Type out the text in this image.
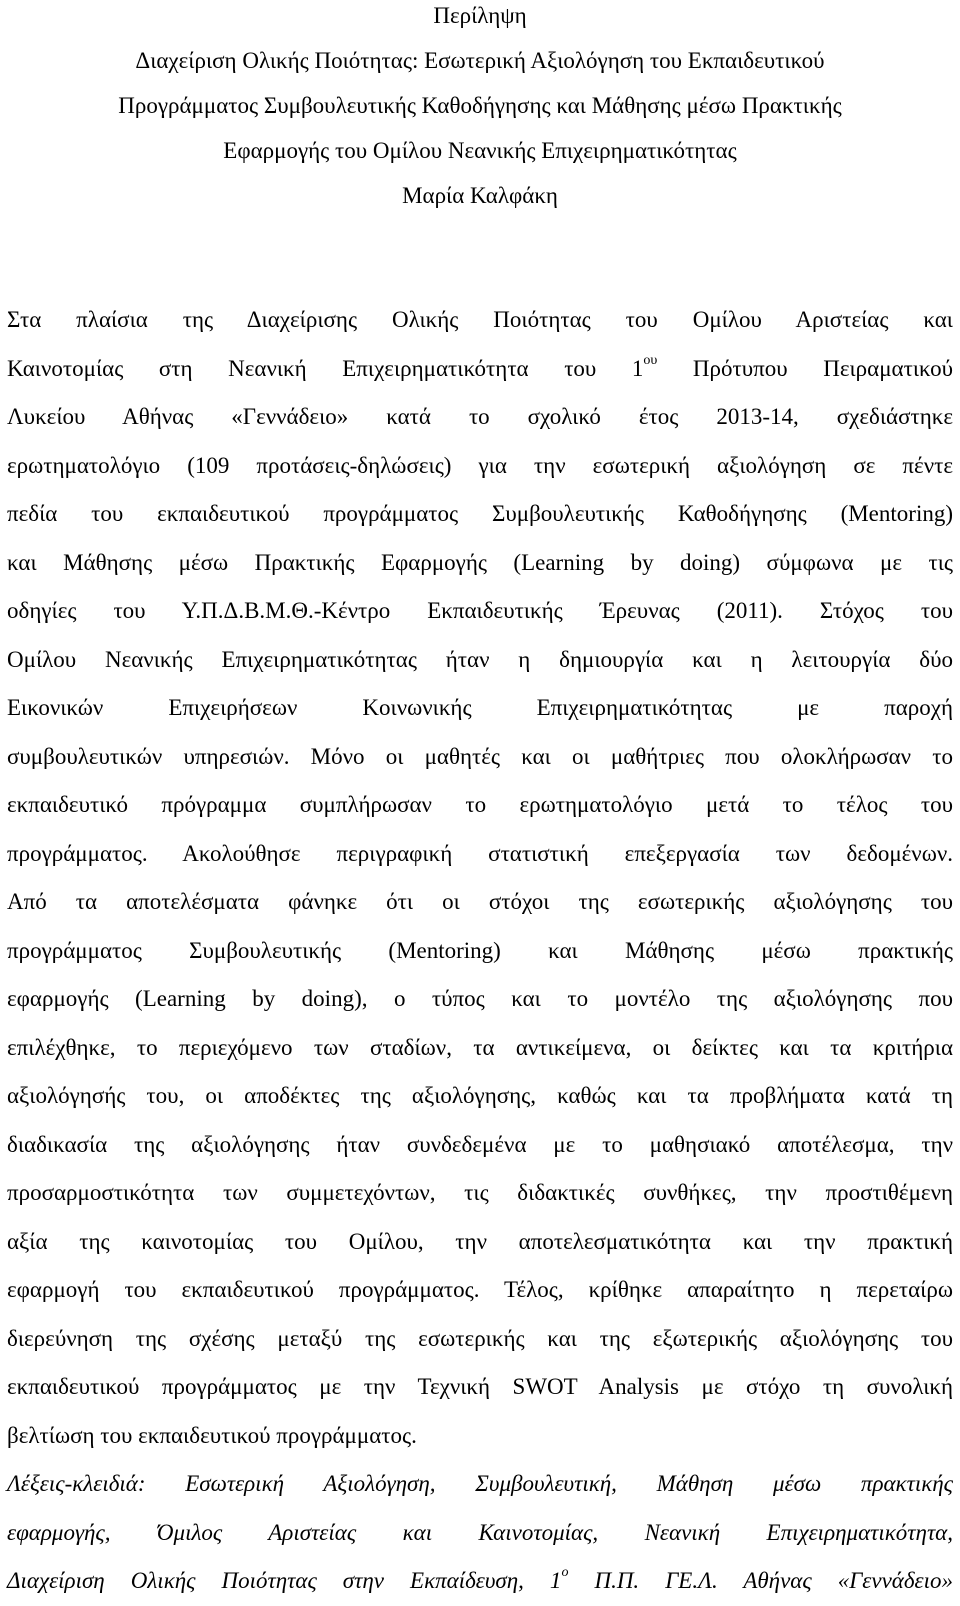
Περίληψη
Διαχείριση Ολικής Ποιότητας: Εσωτερική Αξιολόγηση του Εκπαιδευτικού
Προγράμματος Συμβουλευτικής Καθοδήγησης και Μάθησης μέσω Πρακτικής
Εφαρμογής του Ομίλου Νεανικής Επιχειρηματικότητας
Μαρία Καλφάκη
Στα πλαίσια της Διαχείρισης Ολικής Ποιότητας του Ομίλου Αριστείας και
Καινοτομίας στη Νεανική Επιχειρηματικότητα του $1^{o\upsilon}$ Πρότυπου Πειραματικού
Λυκείου Αθήνας «Γεννάδειο» κατά το σχολικό έτος 2013-14, σχεδιάστηκε
ερωτηματολόγιο (109 προτάσεις-δηλώσεις) για την εσωτερική αξιολόγηση σε πέντε
πεδία του εκπαιδευτικού προγράμματος Συμβουλευτικής Καθοδήγησης (Mentoring)
και Μάθησης μέσω Πρακτικής Εφαρμογής (Learning by doing) σύμφωνα με τις
οδηγίες του Υ.Π.Δ.Β.Μ.Θ.-Κέντρο Εκπαιδευτικής Έρευνας (2011). Στόχος του
Ομίλου Νεανικής Επιχειρηματικότητας ήταν η δημιουργία και η λειτουργία δύο
Εικονικών Επιχειρήσεων Κοινωνικής Επιχειρηματικότητας με παροχή
συμβουλευτικών υπηρεσιών. Μόνο οι μαθητές και οι μαθήτριες που ολοκλήρωσαν το
εκπαιδευτικό πρόγραμμα συμπλήρωσαν το ερωτηματολόγιο μετά το τέλος του
προγράμματος. Ακολούθησε περιγραφική στατιστική επεξεργασία των δεδομένων.
Από τα αποτελέσματα φάνηκε ότι οι στόχοι της εσωτερικής αξιολόγησης του
προγράμματος Συμβουλευτικής (Mentoring) και Μάθησης μέσω πρακτικής
εφαρμογής (Learning by doing), ο τύπος και το μοντέλο της αξιολόγησης που
επιλέχθηκε, το περιεχόμενο των σταδίων, τα αντικείμενα, οι δείκτες και τα κριτήρια
αξιολόγησής του, οι αποδέκτες της αξιολόγησης, καθώς και τα προβλήματα κατά τη
διαδικασία της αξιολόγησης ήταν συνδεδεμένα με το μαθησιακό αποτέλεσμα, την
προσαρμοστικότητα των συμμετεχόντων, τις διδακτικές συνθήκες, την προστιθέμενη
αξία της καινοτομίας του Ομίλου, την αποτελεσματικότητα και την πρακτική
εφαρμογή του εκπαιδευτικού προγράμματος. Τέλος, κρίθηκε απαραίτητο η περεταίρω
διερεύνηση της σχέσης μεταξύ της εσωτερικής και της εξωτερικής αξιολόγησης του
εκπαιδευτικού προγράμματος με την Τεχνική SWOT Analysis με στόχο τη συνολική
βελτίωση του εκπαιδευτικού προγράμματος.
Λέξεις-κλειδιά: Εσωτερική Αξιολόγηση, Συμβουλευτική, Μάθηση μέσω πρακτικής
εφαρμογής, Όμιλος Αριστείας και Καινοτομίας, Νεανική Επιχειρηματικότητα,
Διαχείριση Ολικής Ποιότητας στην Εκπαίδευση, $1^o$ Π.Π. ΓΕ.Λ. Αθήνας «Γεννάδειο»
